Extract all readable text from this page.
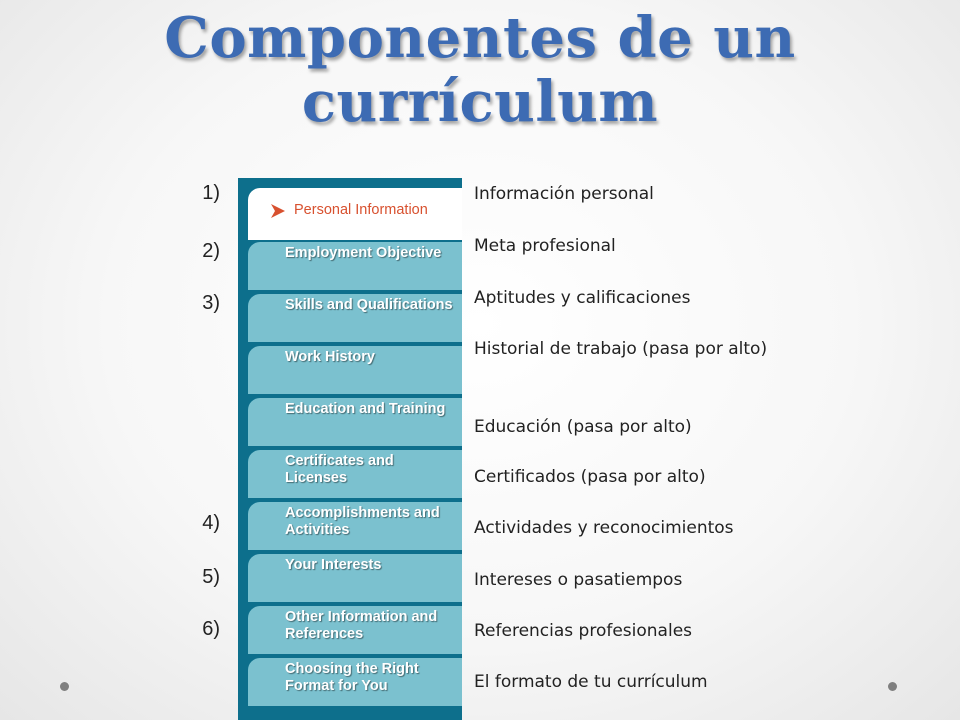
Componentes de un
currículum
1)
2)
3)
4)
5)
6)
Personal Information
Employment Objective
Skills and Qualifications
Work History
Education and Training
Certificates and Licenses
Accomplishments and Activities
Your Interests
Other Information and References
Choosing the Right Format for You
Información personal
Meta profesional
Aptitudes y calificaciones
Historial de trabajo (pasa por alto)
Educación (pasa por alto)
Certificados (pasa por alto)
Actividades y reconocimientos
Intereses o pasatiempos
Referencias profesionales
El formato de tu currículum
